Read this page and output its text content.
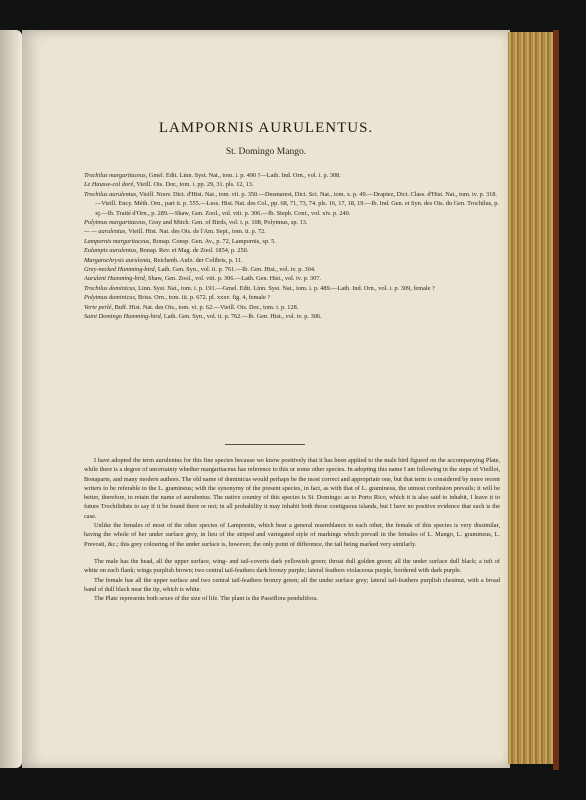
LAMPORNIS AURULENTUS.
St. Domingo Mango.
Trochilus margaritaceus, Gmel. Edit. Linn. Syst. Nat., tom. i. p. 490 ?—Lath. Ind. Orn., vol. i. p. 308.
Le Hausse-col doré, Vieill. Ois. Dor., tom. i. pp. 29, 31. pls. 12, 13.
Trochilus aurulentus, Vieill. Nouv. Dict. d'Hist. Nat., tom. vii. p. 350.—Desmarest, Dict. Sci. Nat., tom. x. p. 49.—Drapiez, Dict. Class. d'Hist. Nat., tom. iv. p. 318.—Vieill. Ency. Méth. Orn., part ii. p. 555.—Less. Hist. Nat. des Col., pp. 68, 71, 73, 74. pls. 16, 17, 18, 19.—Ib. Ind. Gen. et Syn. des Ois. du Gen. Trochilus, p. xj.—Ib. Traité d'Orn., p. 289.—Shaw, Gen. Zool., vol. viii. p. 306.—Ib. Steph. Cont., vol. xiv. p. 240.
Polytmus margaritaceus, Gray and Mitch. Gen. of Birds, vol. i. p. 108, Polytmus, sp. 13.
— — aurulentus, Vieill. Hist. Nat. des Ois. de l'Am. Sept., tom. ii. p. 72.
Lampornis margaritaceus, Bonap. Consp. Gen. Av., p. 72, Lampornis, sp. 5.
Eulampis aurulentus, Bonap. Rev. et Mag. de Zool. 1854, p. 250.
Margarochrysis aurulenta, Reichenb. Aufz. der Colibris, p. 11.
Grey-necked Humming-bird, Lath. Gen. Syn., vol. ii. p. 761.—Ib. Gen. Hist., vol. iv. p. 304.
Aurulent Humming-bird, Shaw, Gen. Zool., vol. viii. p. 306.—Lath. Gen. Hist., vol. iv. p. 307.
Trochilus dominicus, Linn. Syst. Nat., tom. i. p. 191.—Gmel. Edit. Linn. Syst. Nat., tom. i. p. 489.—Lath. Ind. Orn., vol. i. p. 309, female ?
Polytmus dominicus, Briss. Orn., tom. iii. p. 672. pl. xxxv. fig. 4, female ?
Verte perlé, Buff. Hist. Nat. des Ois., tom. vi. p. 62.—Vieill. Ois. Dor., tom. i. p. 128.
Saint Domingo Humming-bird, Lath. Gen. Syn., vol. ii. p. 762.—Ib. Gen. Hist., vol. iv. p. 306.

I have adopted the term aurulentus for this fine species because we know positively that it has been applied to the male bird figured on the accompanying Plate, while there is a degree of uncertainty whether margaritaceus has reference to this or some other species. In adopting this name I am following in the steps of Vieillot, Bonaparte, and many modern authors. The old name of dominicus would perhaps be the most correct and appropriate one, but that term is considered by more recent writers to be referable to the L. gramineus; with the synonymy of the present species, in fact, as with that of L. gramineus, the utmost confusion prevails; it will be better, therefore, to retain the name of aurulentus. The native country of this species is St. Domingo: as to Porto Rico, which it is also said to inhabit, I leave it to future Trochilidists to say if it be found there or not; in all probability it may inhabit both those contiguous islands, but I have no positive evidence that such is the case.

Unlike the females of most of the other species of Lampornis, which bear a general resemblance to each other, the female of this species is very dissimilar, having the whole of her under surface grey, in lieu of the striped and variegated style of markings which prevail in the females of L. Mango, L. gramineus, L. Prevosti, &c.; this grey colouring of the under surface is, however, the only point of difference, the tail being marked very similarly.

The male has the head, all the upper surface, wing- and tail-coverts dark yellowish green; throat dull golden green; all the under surface dull black; a tuft of white on each flank; wings purplish brown; two central tail-feathers dark bronzy purple; lateral feathers violaceous purple, bordered with dark purple.

The female has all the upper surface and two central tail-feathers bronzy green; all the under surface grey; lateral tail-feathers purplish chestnut, with a broad band of dull black near the tip, which is white.

The Plate represents both sexes of the size of life. The plant is the Passiflora pendulifora.
